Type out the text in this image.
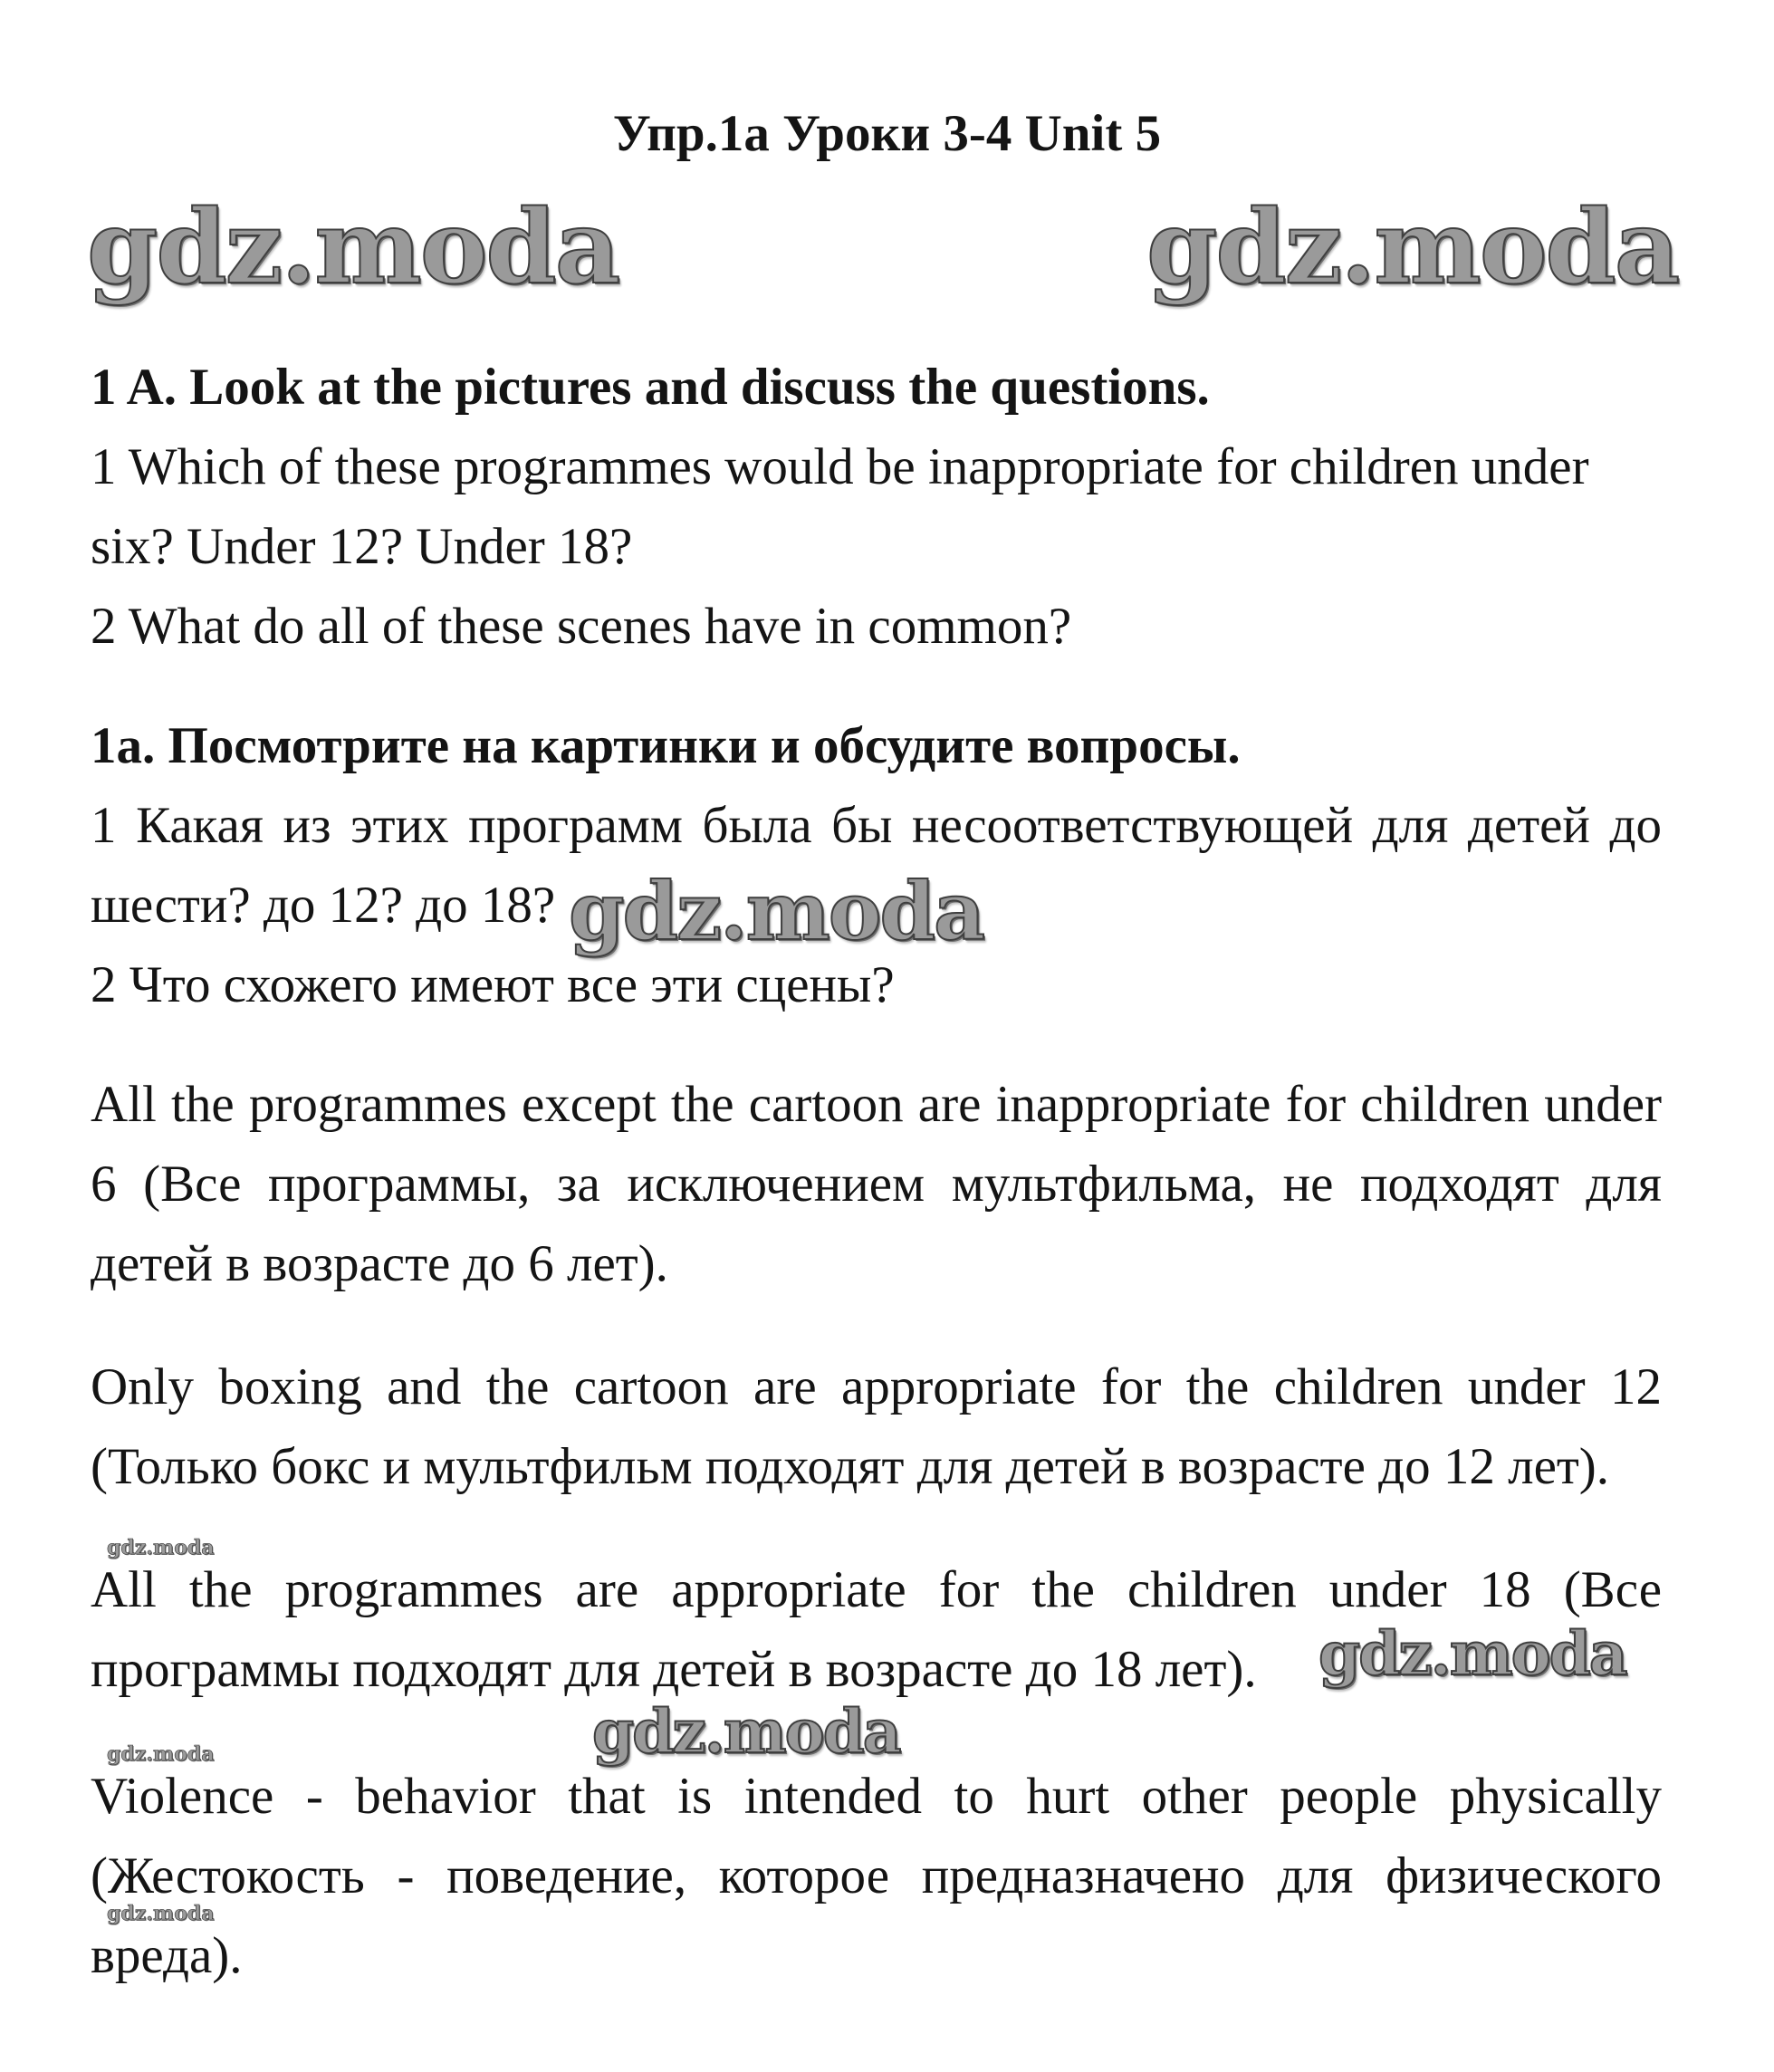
Упр.1a Уроки 3-4 Unit 5
gdz.moda	gdz.moda

1 A. Look at the pictures and discuss the questions.

1 Which of these programmes would be inappropriate for children under six? Under 12? Under 18?

2 What do all of these scenes have in common?

1a. Посмотрите на картинки и обсудите вопросы.

1 Какая из этих программ была бы несоответствующей для детей до шести? до 12? до 18?

2 Что схожего имеют все эти сцены?

gdz.moda

All the programmes except the cartoon are inappropriate for children under 6 (Все программы, за исключением мультфильма, не подходят для детей в возрасте до 6 лет).

Only boxing and the cartoon are appropriate for the children under 12 (Только бокс и мультфильм подходят для детей в возрасте до 12 лет).

gdz.moda

All the programmes are appropriate for the children under 18 (Все программы подходят для детей в возрасте до 18 лет).	gdz.moda
gdz.moda
gdz.moda

Violence - behavior that is intended to hurt other people physically (Жестокость - поведение, которое предназначено для физического вреда).

gdz.moda
